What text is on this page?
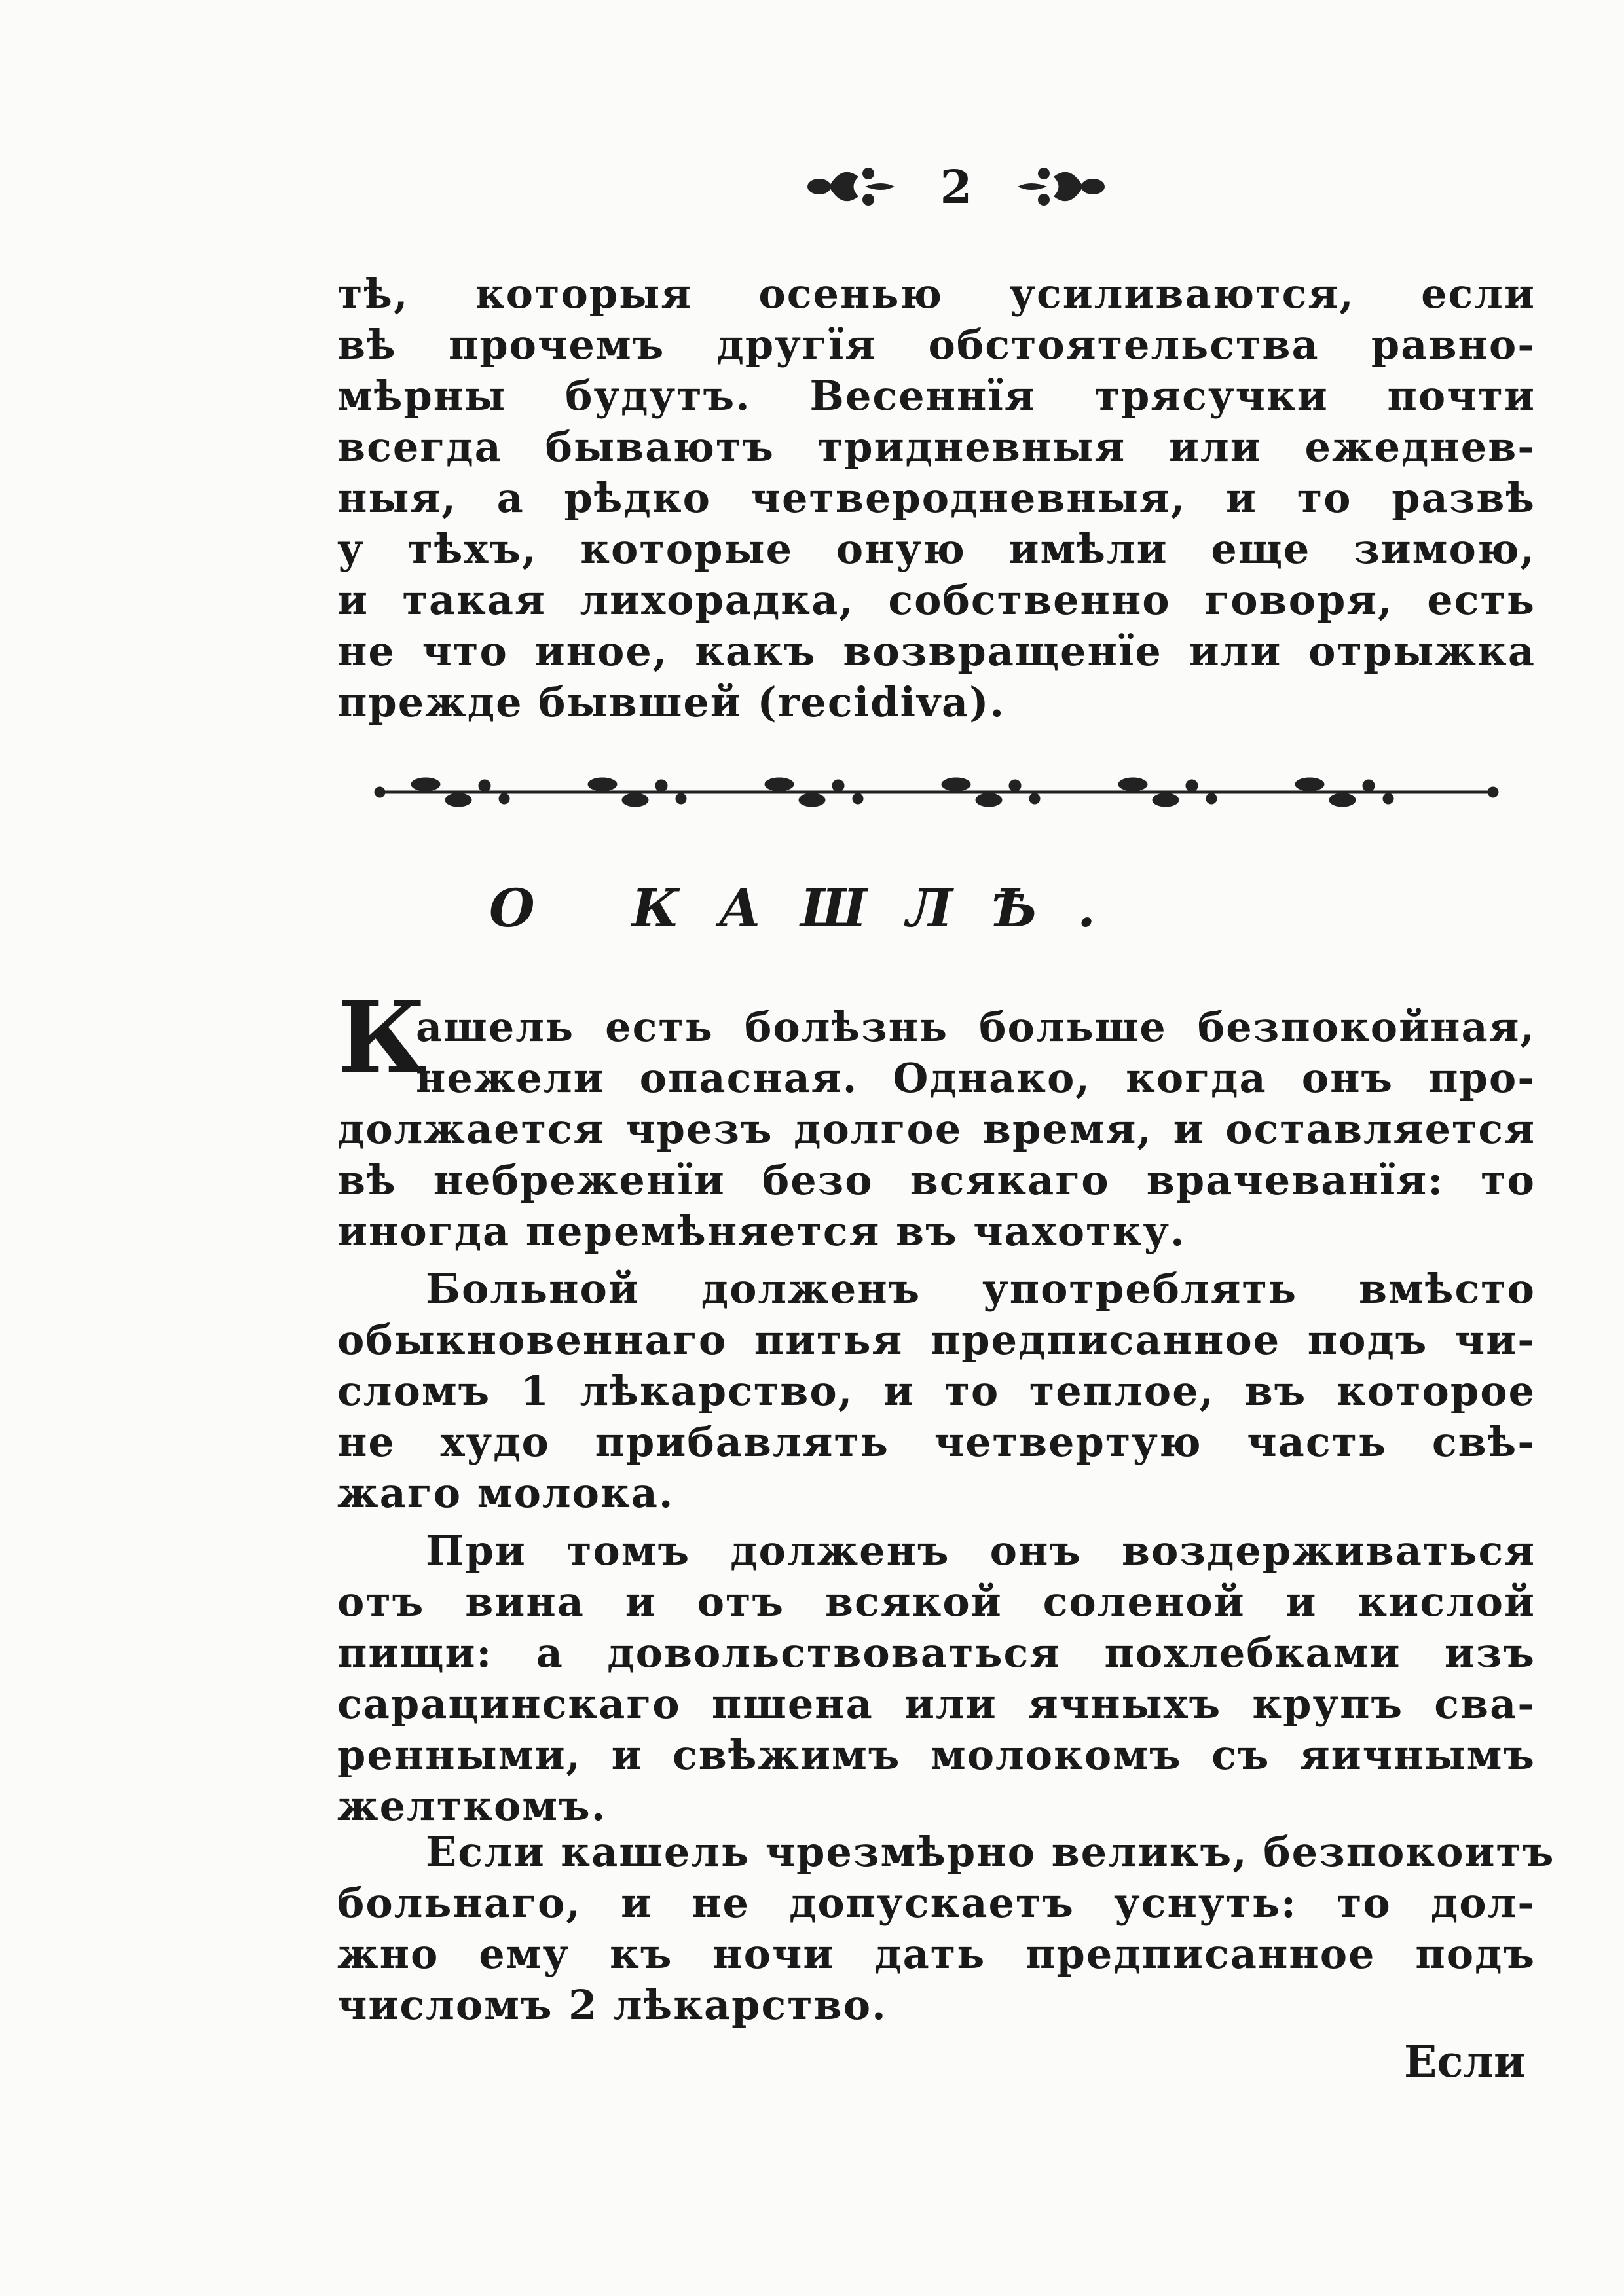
2
тѣ, которыя осенью усиливаются, если
вѣ прочемъ другїя обстоятельства равно-
мѣрны будутъ. Весеннїя трясучки почти
всегда бываютъ тридневныя или ежеднев-
ныя, а рѣдко четверодневныя, и то развѣ
у тѣхъ, которые оную имѣли еще зимою,
и такая лихорадка, собственно говоря, есть
не что иное, какъ возвращенїе или отрыжка
прежде бывшей (recidiva).
О КАШЛѢ.
К
ашель есть болѣзнь больше безпокойная,
нежели опасная. Однако, когда онъ про-
должается чрезъ долгое время, и оставляется
вѣ небреженїи безо всякаго врачеванїя: то
иногда перемѣняется въ чахотку.
Больной долженъ употреблять вмѣсто
обыкновеннаго питья предписанное подъ чи-
сломъ 1 лѣкарство, и то теплое, въ которое
не худо прибавлять четвертую часть свѣ-
жаго молока.
При томъ долженъ онъ воздерживаться
отъ вина и отъ всякой соленой и кислой
пищи: а довольствоваться похлебками изъ
сарацинскаго пшена или ячныхъ крупъ сва-
ренными, и свѣжимъ молокомъ съ яичнымъ
желткомъ.
Если кашель чрезмѣрно великъ, безпокоитъ
больнаго, и не допускаетъ уснуть: то дол-
жно ему къ ночи дать предписанное подъ
числомъ 2 лѣкарство.
Если
